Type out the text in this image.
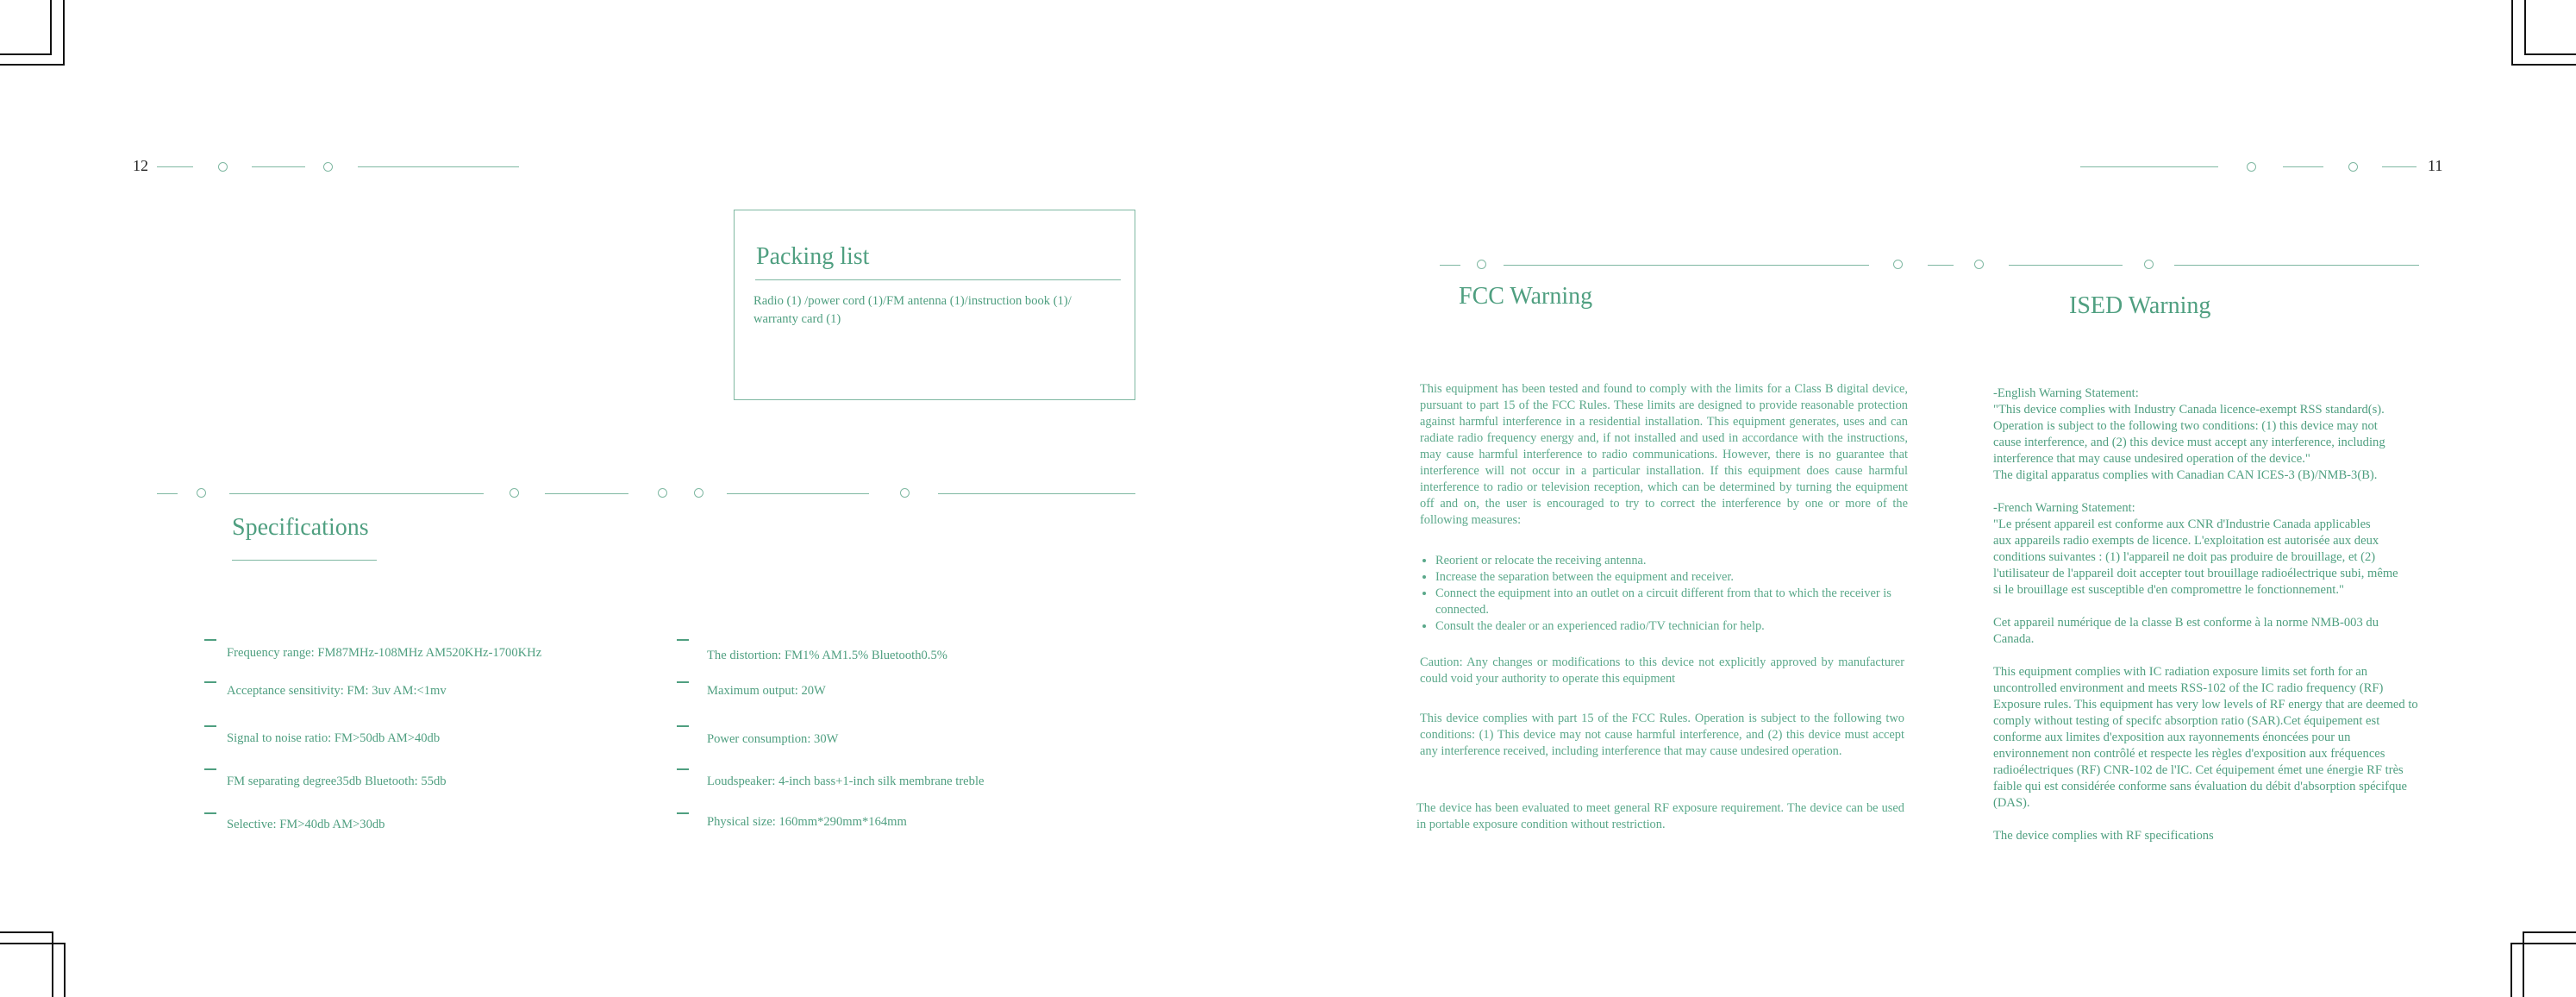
12
Packing list
Radio (1) /power cord (1)/FM antenna (1)/instruction book (1)/
warranty card (1)
Specifications
Frequency range: FM87MHz-108MHz AM520KHz-1700KHz
Acceptance sensitivity: FM: 3uv AM:<1mv
Signal to noise ratio: FM>50db AM>40db
FM separating degree35db Bluetooth: 55db
Selective: FM>40db AM>30db
The distortion: FM1% AM1.5% Bluetooth0.5%
Maximum output: 20W
Power consumption: 30W
Loudspeaker: 4-inch bass+1-inch silk membrane treble
Physical size: 160mm*290mm*164mm
11
FCC Warning	ISED Warning

This equipment has been tested and found to comply with the limits for a Class B digital device, pursuant to part 15 of the FCC Rules. These limits are designed to provide reasonable protection against harmful interference in a residential installation. This equipment generates, uses and can radiate radio frequency energy and, if not installed and used in accordance with the instructions, may cause harmful interference to radio communications. However, there is no guarantee that interference will not occur in a particular installation. If this equipment does cause harmful interference to radio or television reception, which can be determined by turning the equipment off and on, the user is encouraged to try to correct the interference by one or more of the following measures:

• Reorient or relocate the receiving antenna.
• Increase the separation between the equipment and receiver.
• Connect the equipment into an outlet on a circuit different from that to which the receiver is connected.
• Consult the dealer or an experienced radio/TV technician for help.

Caution: Any changes or modifications to this device not explicitly approved by manufacturer could void your authority to operate this equipment

This device complies with part 15 of the FCC Rules. Operation is subject to the following two conditions: (1) This device may not cause harmful interference, and (2) this device must accept any interference received, including interference that may cause undesired operation.

The device has been evaluated to meet general RF exposure requirement. The device can be used in portable exposure condition without restriction.

-English Warning Statement:
"This device complies with Industry Canada licence-exempt RSS standard(s).
Operation is subject to the following two conditions: (1) this device may not
cause interference, and (2) this device must accept any interference, including
interference that may cause undesired operation of the device."
The digital apparatus complies with Canadian CAN ICES-3 (B)/NMB-3(B).
-French Warning Statement:
"Le présent appareil est conforme aux CNR d'Industrie Canada applicables
aux appareils radio exempts de licence. L'exploitation est autorisée aux deux
conditions suivantes : (1) l'appareil ne doit pas produire de brouillage, et (2)
l'utilisateur de l'appareil doit accepter tout brouillage radioélectrique subi, même
si le brouillage est susceptible d'en compromettre le fonctionnement."
Cet appareil numérique de la classe B est conforme à la norme NMB-003 du
Canada.
This equipment complies with IC radiation exposure limits set forth for an
uncontrolled environment and meets RSS-102 of the IC radio frequency (RF)
Exposure rules. This equipment has very low levels of RF energy that are deemed to
comply without testing of specifc absorption ratio (SAR).Cet équipement est
conforme aux limites d'exposition aux rayonnements énoncées pour un
environnement non contrôlé et respecte les règles d'exposition aux fréquences
radioélectriques (RF) CNR-102 de l'IC. Cet équipement émet une énergie RF très
faible qui est considérée conforme sans évaluation du débit d'absorption spécifque
(DAS).
The device complies with RF specifications
